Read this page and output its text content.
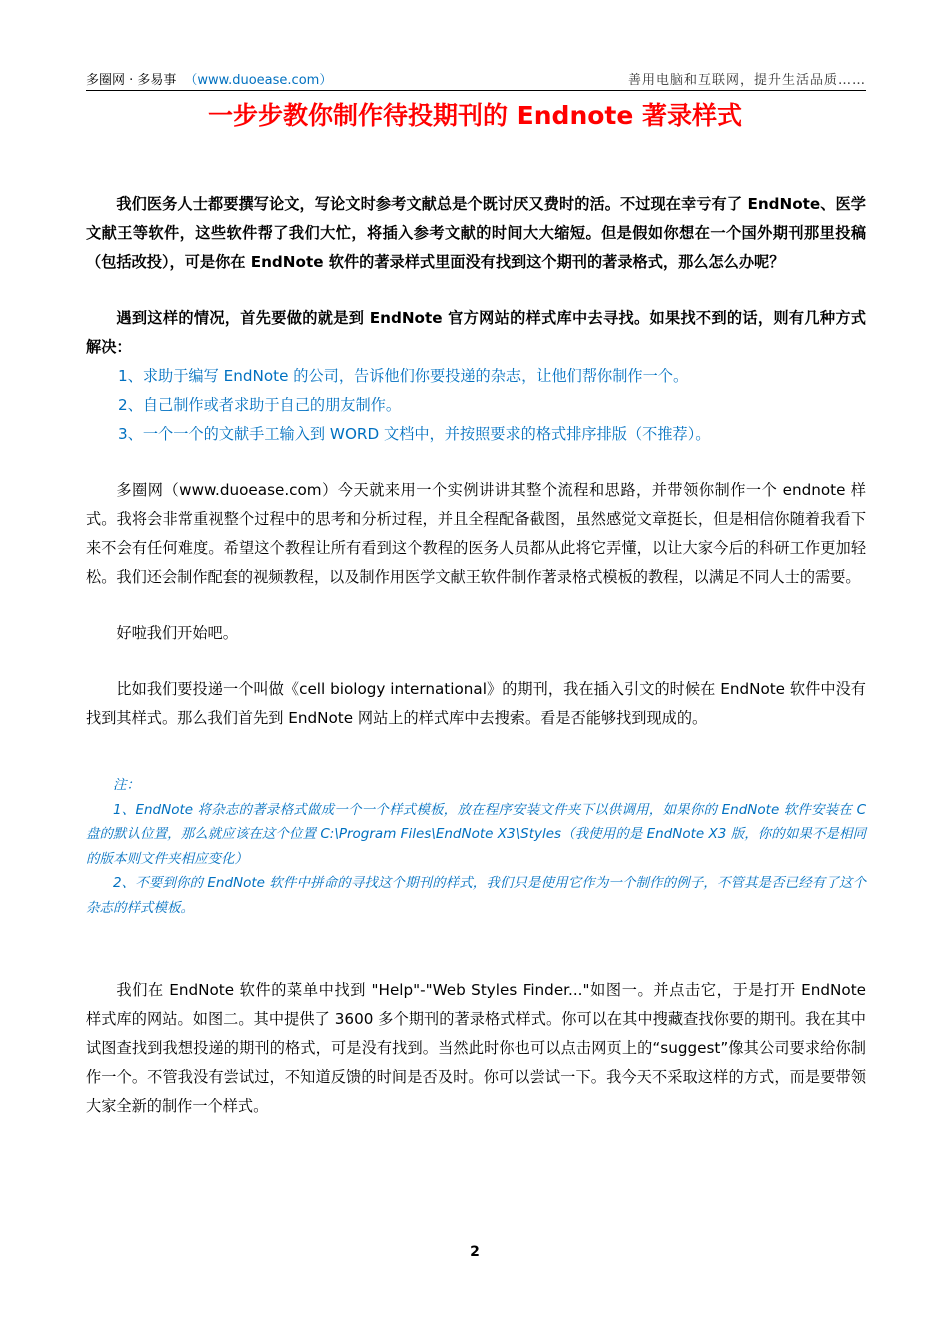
多圈网 · 多易事 （www.duoease.com）	善用电脑和互联网，提升生活品质……
一步步教你制作待投期刊的 Endnote 著录样式

我们医务人士都要撰写论文，写论文时参考文献总是个既讨厌又费时的活。不过现在幸亏有了 EndNote、医学文献王等软件，这些软件帮了我们大忙，将插入参考文献的时间大大缩短。但是假如你想在一个国外期刊那里投稿（包括改投），可是你在 EndNote 软件的著录样式里面没有找到这个期刊的著录格式，那么怎么办呢？

遇到这样的情况，首先要做的就是到 EndNote 官方网站的样式库中去寻找。如果找不到的话，则有几种方式解决：

1、求助于编写 EndNote 的公司，告诉他们你要投递的杂志，让他们帮你制作一个。

2、自己制作或者求助于自己的朋友制作。

3、一个一个的文献手工输入到 WORD 文档中，并按照要求的格式排序排版（不推荐）。

多圈网（www.duoease.com）今天就来用一个实例讲讲其整个流程和思路，并带领你制作一个 endnote 样式。我将会非常重视整个过程中的思考和分析过程，并且全程配备截图，虽然感觉文章挺长，但是相信你随着我看下来不会有任何难度。希望这个教程让所有看到这个教程的医务人员都从此将它弄懂，以让大家今后的科研工作更加轻松。我们还会制作配套的视频教程，以及制作用医学文献王软件制作著录格式模板的教程，以满足不同人士的需要。

好啦我们开始吧。

比如我们要投递一个叫做《cell biology international》的期刊，我在插入引文的时候在 EndNote 软件中没有找到其样式。那么我们首先到 EndNote 网站上的样式库中去搜索。看是否能够找到现成的。

注：

1、EndNote 将杂志的著录格式做成一个一个样式模板，放在程序安装文件夹下以供调用，如果你的 EndNote 软件安装在 C 盘的默认位置，那么就应该在这个位置 C:\Program Files\EndNote X3\Styles（我使用的是 EndNote X3 版，你的如果不是相同的版本则文件夹相应变化）

2、不要到你的 EndNote 软件中拼命的寻找这个期刊的样式，我们只是使用它作为一个制作的例子，不管其是否已经有了这个杂志的样式模板。

我们在 EndNote 软件的菜单中找到 "Help"-"Web Styles Finder..."如图一。并点击它，于是打开 EndNote 样式库的网站。如图二。其中提供了 3600 多个期刊的著录格式样式。你可以在其中搜藏查找你要的期刊。我在其中试图查找到我想投递的期刊的格式，可是没有找到。当然此时你也可以点击网页上的“suggest”像其公司要求给你制作一个。不管我没有尝试过，不知道反馈的时间是否及时。你可以尝试一下。我今天不采取这样的方式，而是要带领大家全新的制作一个样式。

2
